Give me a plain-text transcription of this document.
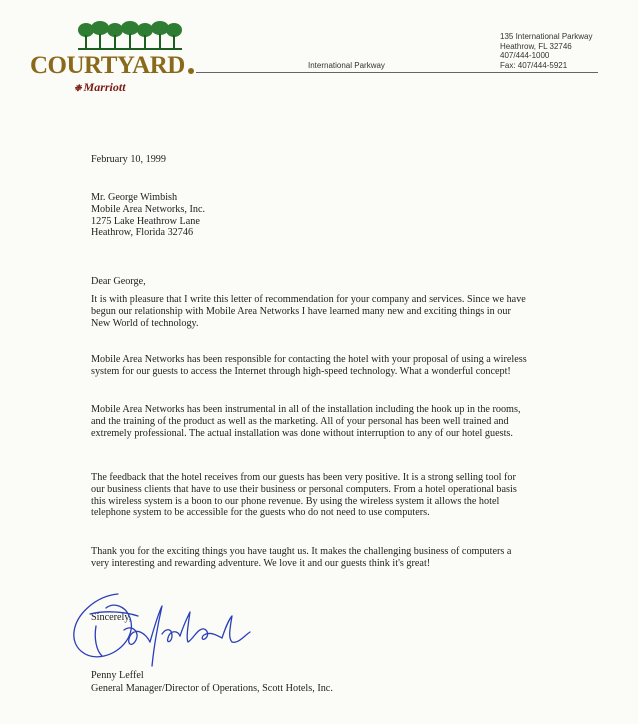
COURTYARD
❉ Marriott
International Parkway
135 International Parkway
Heathrow, FL 32746
407/444-1000
Fax: 407/444-5921
February 10, 1999
Mr. George Wimbish
Mobile Area Networks, Inc.
1275 Lake Heathrow Lane
Heathrow, Florida 32746
Dear George,
It is with pleasure that I write this letter of recommendation for your company and services. Since we have
begun our relationship with Mobile Area Networks I have learned many new and exciting things in our
New World of technology.
Mobile Area Networks has been responsible for contacting the hotel with your proposal of using a wireless
system for our guests to access the Internet through high-speed technology. What a wonderful concept!
Mobile Area Networks has been instrumental in all of the installation including the hook up in the rooms,
and the training of the product as well as the marketing. All of your personal has been well trained and
extremely professional. The actual installation was done without interruption to any of our hotel guests.
The feedback that the hotel receives from our guests has been very positive. It is a strong selling tool for
our business clients that have to use their business or personal computers. From a hotel operational basis
this wireless system is a boon to our phone revenue. By using the wireless system it allows the hotel
telephone system to be accessible for the guests who do not need to use computers.
Thank you for the exciting things you have taught us. It makes the challenging business of computers a
very interesting and rewarding adventure. We love it and our guests think it's great!
Sincerely,
Penny Leffel
General Manager/Director of Operations, Scott Hotels, Inc.
